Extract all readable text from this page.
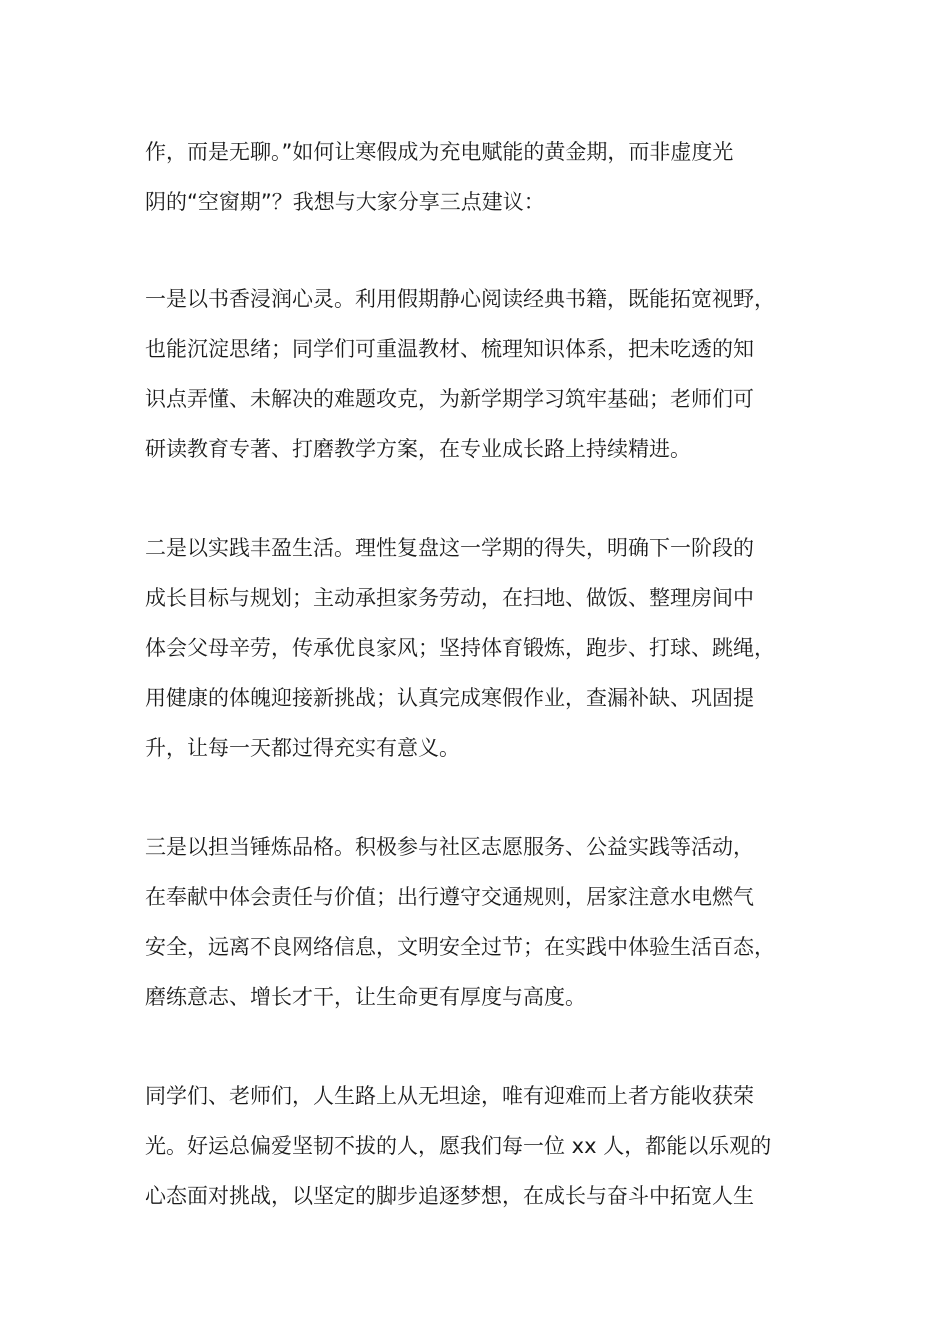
作，而是无聊。”如何让寒假成为充电赋能的黄金期，而非虚度光
阴的“空窗期”？我想与大家分享三点建议：
一是以书香浸润心灵。利用假期静心阅读经典书籍，既能拓宽视野，
也能沉淀思绪；同学们可重温教材、梳理知识体系，把未吃透的知
识点弄懂、未解决的难题攻克，为新学期学习筑牢基础；老师们可
研读教育专著、打磨教学方案，在专业成长路上持续精进。
二是以实践丰盈生活。理性复盘这一学期的得失，明确下一阶段的
成长目标与规划；主动承担家务劳动，在扫地、做饭、整理房间中
体会父母辛劳，传承优良家风；坚持体育锻炼，跑步、打球、跳绳，
用健康的体魄迎接新挑战；认真完成寒假作业，查漏补缺、巩固提
升，让每一天都过得充实有意义。
三是以担当锤炼品格。积极参与社区志愿服务、公益实践等活动，
在奉献中体会责任与价值；出行遵守交通规则，居家注意水电燃气
安全，远离不良网络信息，文明安全过节；在实践中体验生活百态，
磨练意志、增长才干，让生命更有厚度与高度。
同学们、老师们，人生路上从无坦途，唯有迎难而上者方能收获荣
光。好运总偏爱坚韧不拔的人，愿我们每一位 xx 人，都能以乐观的
心态面对挑战，以坚定的脚步追逐梦想，在成长与奋斗中拓宽人生
